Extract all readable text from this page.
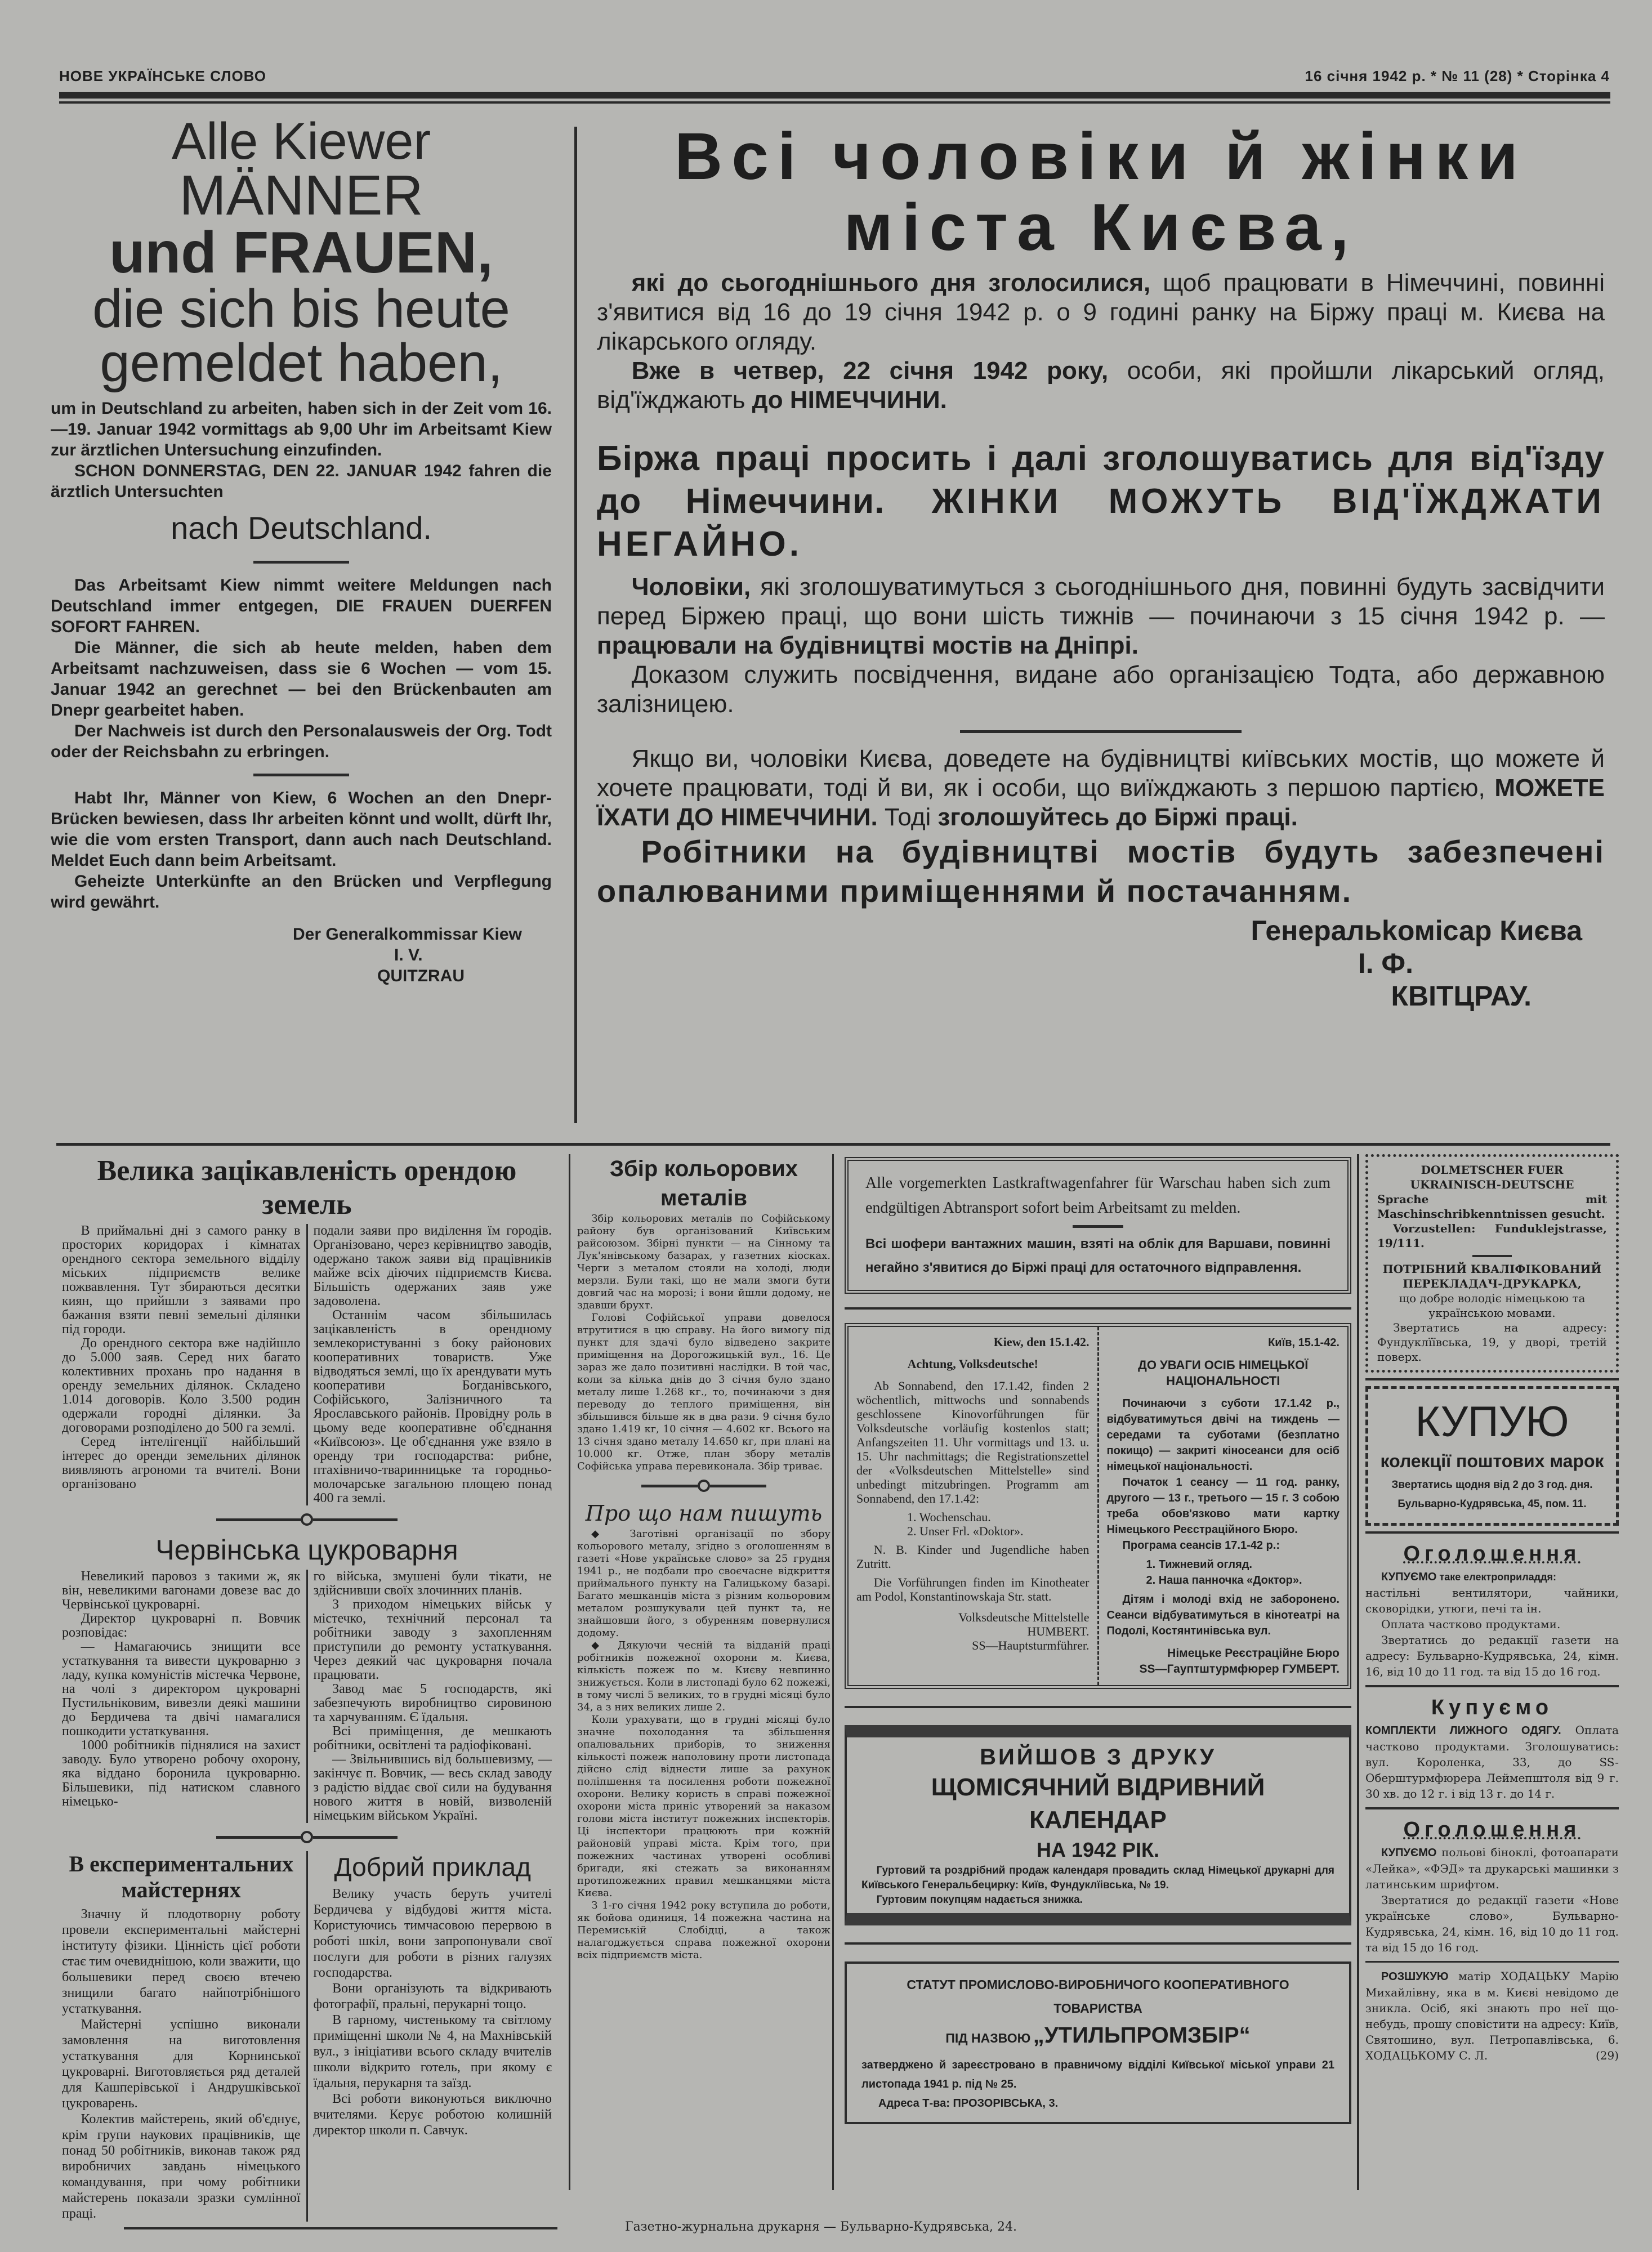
НОВЕ УКРАЇНСЬКЕ СЛОВО	16 січня 1942 р. * № 11 (28) * Сторінка 4
Alle Kiewer
MÄNNER
und FRAUEN,
die sich bis heute
gemeldet haben,

um in Deutschland zu arbeiten, haben sich in der Zeit vom 16.—19. Januar 1942 vormittags ab 9,00 Uhr im Arbeitsamt Kiew zur ärztlichen Untersuchung einzufinden.

SCHON DONNERSTAG, DEN 22. JANUAR 1942 fahren die ärztlich Untersuchten

nach Deutschland.

Das Arbeitsamt Kiew nimmt weitere Meldungen nach Deutschland immer entgegen, DIE FRAUEN DUERFEN SOFORT FAHREN.

Die Männer, die sich ab heute melden, haben dem Arbeitsamt nachzuweisen, dass sie 6 Wochen — vom 15. Januar 1942 an gerechnet — bei den Brückenbauten am Dnepr gearbeitet haben.

Der Nachweis ist durch den Personalausweis der Org. Todt oder der Reichsbahn zu erbringen.

Habt Ihr, Männer von Kiew, 6 Wochen an den Dnepr-Brücken bewiesen, dass Ihr arbeiten könnt und wollt, dürft Ihr, wie die vom ersten Transport, dann auch nach Deutschland. Meldet Euch dann beim Arbeitsamt.

Geheizte Unterkünfte an den Brücken und Verpflegung wird gewährt.

Der Generalkommissar Kiew
I. V.
QUITZRAU
Всі чоловіки й жінки
міста Києва,

які до сьогоднішнього дня зголосилися, щоб працювати в Німеччині, повинні з'явитися від 16 до 19 січня 1942 р. о 9 годині ранку на Біржу праці м. Києва на лікарського огляду.

Вже в четвер, 22 січня 1942 року, особи, які пройшли лікарський огляд, від'їжджають до НІМЕЧЧИНИ.

Біржа праці просить і далі зголошуватись для від'їзду до Німеччини. ЖІНКИ МОЖУТЬ ВІД'ЇЖДЖАТИ НЕГАЙНО.

Чоловіки, які зголошуватимуться з сьогоднішнього дня, повинні будуть засвідчити перед Біржею праці, що вони шість тижнів — починаючи з 15 січня 1942 р. — працювали на будівництві мостів на Дніпрі.

Доказом служить посвідчення, видане або організацією Тодта, або державною залізницею.

Якщо ви, чоловіки Києва, доведете на будівництві київських мостів, що можете й хочете працювати, тоді й ви, як і особи, що виїжджають з першою партією, МОЖЕТЕ ЇХАТИ ДО НІМЕЧЧИНИ. Тоді зголошуйтесь до Біржі праці.

Робітники на будівництві мостів будуть забезпечені опалюваними приміщеннями й постачанням.
Генеральkомісар Києва
І. Ф.
КВІТЦРАУ.
Велика зацікавленість орендою земель

В приймальні дні з самого ранку в просторих коридорах і кімнатах орендного сектора земельного відділу міських підприємств велике пожвавлення. Тут збираються десятки киян, що прийшли з заявами про бажання взяти певні земельні ділянки під городи.

До орендного сектора вже надійшло до 5.000 заяв. Серед них багато колективних прохань про надання в оренду земельних ділянок. Складено 1.014 договорів. Коло 3.500 родин одержали городні ділянки. За договорами розподілено до 500 га землі.

Серед інтелігенції найбільший інтерес до оренди земельних ділянок виявляють агрономи та вчителі. Вони організовано

подали заяви про виділення їм городів. Організовано, через керівництво заводів, одержано також заяви від працівників майже всіх діючих підприємств Києва. Більшість одержаних заяв уже задоволена.

Останнім часом збільшилась зацікавленість в орендному землекористуванні з боку районових кооперативних товариств. Уже відводяться землі, що їх арендувати муть кооперативи Богданівського, Софійського, Залізничного та Ярославського районів. Провідну роль в цьому веде кооперативне об'єднання «Київсоюз». Це об'єднання уже взяло в оренду три господарства: рибне, птахівничо-тваринницьке та городньо-молочарське загальною площею понад 400 га землі.

Червінська цукроварня

Невеликий паровоз з такими ж, як він, невеликими вагонами довезе вас до Червінської цукроварні.

Директор цукроварні п. Вовчик розповідає:

— Намагаючись знищити все устаткування та вивести цукроварню з ладу, купка комуністів містечка Червоне, на чолі з директором цукроварні Пустильніковим, вивезли деякі машини до Бердичева та двічі намагалися пошкодити устаткування.

1000 робітників піднялися на захист заводу. Було утворено робочу охорону, яка віддано боронила цукроварню. Більшевики, під натиском славного німецько-

го війська, змушені були тікати, не здійснивши своїх злочинних планів.

З приходом німецьких військ у містечко, технічний персонал та робітники заводу з захопленням приступили до ремонту устаткування. Через деякий час цукроварня почала працювати.

Завод має 5 господарств, які забезпечують виробництво сировиною та харчуванням. Є їдальня.

Всі приміщення, де мешкають робітники, освітлені та радіофіковані.

— Звільнившись від большевизму, — закінчує п. Вовчик, — весь склад заводу з радістю віддає свої сили на будування нового життя в новій, визволеній німецьким військом Україні.

В експериментальних майстернях

Значну й плодотворну роботу провели експериментальні майстерні інституту фізики. Цінність цієї роботи стає тим очевиднішою, коли зважити, що большевики перед своєю втечею знищили багато найпотрібнішого устаткування.

Майстерні успішно виконали замовлення на виготовлення устаткування для Корнинської цукроварні. Виготовляється ряд деталей для Кашперівської і Андрушківської цукроварень.

Колектив майстерень, який об'єднує, крім групи наукових працівників, ще понад 50 робітників, виконав також ряд виробничих завдань німецького командування, при чому робітники майстерень показали зразки сумлінної праці.

Добрий приклад

Велику участь беруть учителі Бердичева у відбудові життя міста. Користуючись тимчасовою перервою в роботі шкіл, вони запропонували свої послуги для роботи в різних галузях господарства.

Вони організують та відкривають фотографії, пральні, перукарні тощо.

В гарному, чистенькому та світлому приміщенні школи № 4, на Махнівській вул., з ініціативи всього складу вчителів школи відкрито готель, при якому є їдальня, перукарня та заїзд.

Всі роботи виконуються виключно вчителями. Керує роботою колишній директор школи п. Савчук.

Збір кольорових металів

Збір кольорових металів по Софійському району був організований Київським райсоюзом. Збірні пункти — на Сінному та Лук'янівському базарах, у газетних кіосках. Черги з металом стояли на холоді, люди мерзли. Були такі, що не мали змоги бути довгий час на морозі; і вони йшли додому, не здавши брухт.

Голові Софійської управи довелося втрутитися в цю справу. На його вимогу під пункт для здачі було відведено закрите приміщення на Дорогожицькій вул., 16. Це зараз же дало позитивні наслідки. В той час, коли за кілька днів до 3 січня було здано металу лише 1.268 кг., то, починаючи з дня переводу до теплого приміщення, він збільшився більше як в два рази. 9 січня було здано 1.419 кг, 10 січня — 4.602 кг. Всього на 13 січня здано металу 14.650 кг, при плані на 10.000 кг. Отже, план збору металів Софійська управа перевиконала. Збір триває.

Про що нам пишуть

◆ Заготівні організації по збору кольорового металу, згідно з оголошенням в газеті «Нове українське слово» за 25 грудня 1941 р., не подбали про своєчасне відкриття приймального пункту на Галицькому базарі. Багато мешканців міста з різним кольоровим металом розшукували цей пункт та, не знайшовши його, з обуренням повернулися додому.

◆ Дякуючи чесній та відданій праці робітників пожежної охорони м. Києва, кількість пожеж по м. Києву невпинно знижується. Коли в листопаді було 62 пожежі, в тому числі 5 великих, то в грудні місяці було 34, а з них великих лише 2.

Коли урахувати, що в грудні місяці було значне похолодання та збільшення опалювальних приборів, то зниження кількості пожеж наполовину проти листопада дійсно слід віднести лише за рахунок поліпшення та посилення роботи пожежної охорони. Велику користь в справі пожежної охорони міста приніс утворений за наказом голови міста інститут пожежних інспекторів. Ці інспектори працюють при кожній районовій управі міста. Крім того, при пожежних частинах утворені особливі бригади, які стежать за виконанням протипожежних правил мешканцями міста Києва.

З 1-го січня 1942 року вступила до роботи, як бойова одиниця, 14 пожежна частина на Перемиській Слобідці, а також налагоджується справа пожежної охорони всіх підприємств міста.

Alle vorgemerkten Lastkraftwagenfahrer für Warschau haben sich zum endgültigen Abtransport sofort beim Arbeitsamt zu melden.
Всі шофери вантажних машин, взяті на облік для Варшави, повинні негайно з'явитися до Біржі праці для остаточного відправлення.
Kiew, den 15.1.42.
Achtung, Volksdeutsche!

Ab Sonnabend, den 17.1.42, finden 2 wöchentlich, mittwochs und sonnabends geschlossene Kinovorführungen für Volksdeutsche vorläufig kostenlos statt; Anfangszeiten 11. Uhr vormittags und 13. u. 15. Uhr nachmittags; die Registrationszettel der «Volksdeutschen Mittelstelle» sind unbedingt mitzubringen. Programm am Sonnabend, den 17.1.42:

1. Wochenschau.
2. Unser Frl. «Doktor».

N. B. Kinder und Jugendliche haben Zutritt.

Die Vorführungen finden im Kinotheater am Podol, Konstantinowskaja Str. statt.

Volksdeutsche Mittelstelle
HUMBERT.
SS—Hauptsturmführer.
Київ, 15.1-42.
ДО УВАГИ ОСІБ НІМЕЦЬКОЇ НАЦІОНАЛЬНОСТІ

Починаючи з суботи 17.1.42 р., відбуватимуться двічі на тиждень — середами та суботами (безплатно покищо) — закриті кіносеанси для осіб німецької національності.

Початок 1 сеансу — 11 год. ранку, другого — 13 г., третього — 15 г. З собою треба обов'язково мати картку Німецького Реєстраційного Бюро.

Програма сеансів 17.1-42 р.:

1. Тижневий огляд.
2. Наша панночка «Доктор».

Дітям і молоді вхід не заборонено. Сеанси відбуватимуться в кінотеатрі на Подолі, Костянтинівська вул.

Німецьке Реєстраційне Бюро
SS—Гауптштурмфюрер ГУМБЕРТ.
ВИЙШОВ З ДРУКУ
ЩОМІСЯЧНИЙ ВІДРИВНИЙ КАЛЕНДАР
НА 1942 РІК.

Гуртовий та роздрібний продаж календаря провадить склад Німецької друкарні для Київського Генеральбецирку: Київ, Фундуклїівська, № 19.

Гуртовим покупцям надається знижка.

СТАТУТ ПРОМИСЛОВО-ВИРОБНИЧОГО КООПЕРАТИВНОГО ТОВАРИСТВА
ПІД НАЗВОЮ „УТИЛЬПРОМЗБІР“
затверджено й зареєстровано в правничому відділі Київської міської управи 21 листопада 1941 р. під № 25.
Адреса Т-ва: ПРОЗОРІВСЬКА, 3.
DOLMETSCHER FUER UKRAINISCH-DEUTSCHE

Sprache mit Maschinschribkenntnissen gesucht.

Vorzustellen: Funduklejstrasse, 19/111.

ПОТРІБНИЙ КВАЛІФІКОВАНИЙ ПЕРЕКЛАДАЧ-ДРУКАРКА,

що добре володіє німецькою та українською мовами.

Звертатись на адресу: Фундуклїївська, 19, у дворі, третій поверх.

КУПУЮ
колекції поштових марок
Звертатись щодня від 2 до 3 год. дня.
Бульварно-Кудрявська, 45, пом. 11.
Оголошення

КУПУЄМО таке електроприладдя:

настільні вентилятори, чайники, сковорідки, утюги, печі та ін.

Оплата частково продуктами.

Звертатись до редакції газети на адресу: Бульварно-Кудрявська, 24, кімн. 16, від 10 до 11 год. та від 15 до 16 год.

Купуємо

КОМПЛЕКТИ ЛИЖНОГО ОДЯГУ. Оплата частково продуктами. Зголошуватись: вул. Короленка, 33, до SS-Оберштурмфюрера Леймепштоля від 9 г. 30 хв. до 12 г. і від 13 г. до 14 г.

Оголошення

КУПУЄМО польові біноклі, фотоапарати «Лейка», «ФЭД» та друкарські машинки з латинським шрифтом.

Звертатися до редакції газети «Нове українське слово», Бульварно-Кудрявська, 24, кімн. 16, від 10 до 11 год. та від 15 до 16 год.

РОЗШУКУЮ матір ХОДАЦЬКУ Марію Михайлівну, яка в м. Києві невідомо де зникла. Осіб, які знають про неї що-небудь, прошу сповістити на адресу: Київ, Святошино, вул. Петропавлівська, 6. ХОДАЦЬКОМУ С. Л.	(29)

Газетно-журнальна друкарня — Бульварно-Кудрявська, 24.
